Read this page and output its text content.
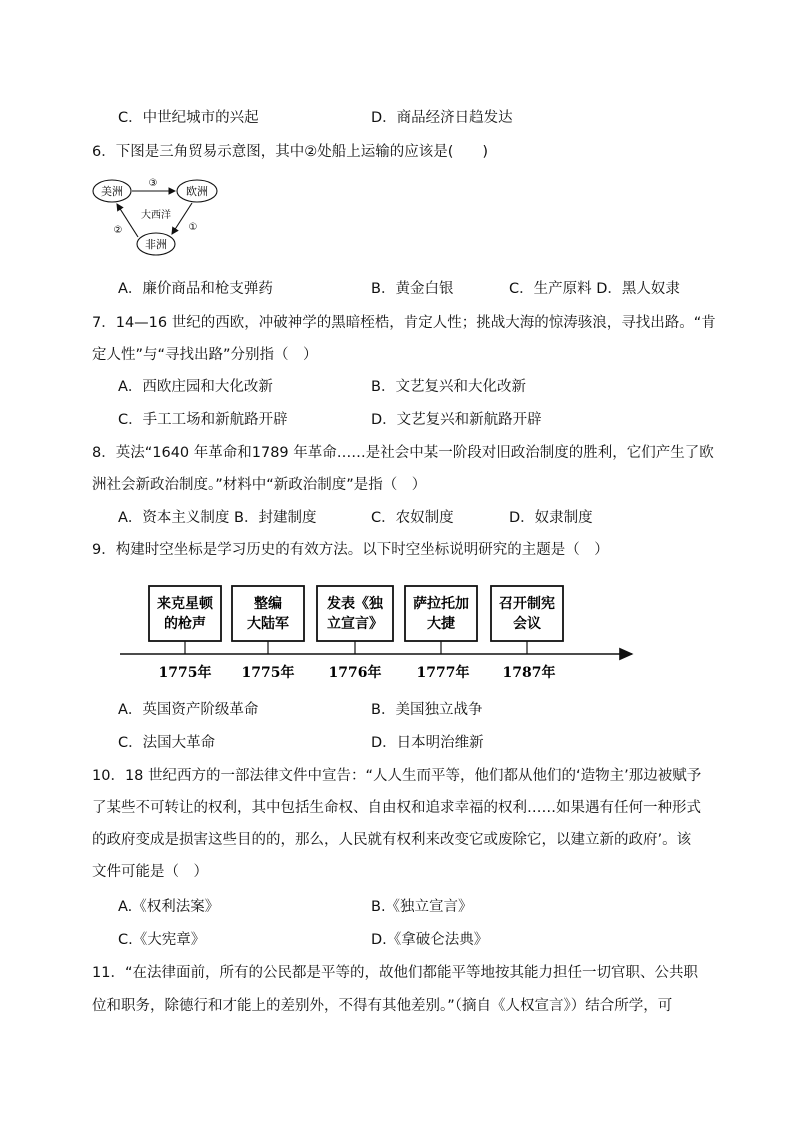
C．中世纪城市的兴起	D．商品经济日趋发达
6．下图是三角贸易示意图，其中②处船上运输的应该是(　　)
美洲	欧洲
非洲
③
①
②
大西洋
A．廉价商品和枪支弹药	B．黄金白银	C．生产原料 D．黑人奴隶
7．14—16 世纪的西欧，冲破神学的黑暗桎梏，肯定人性；挑战大海的惊涛骇浪，寻找出路。“肯
定人性”与“寻找出路”分别指（　）
A．西欧庄园和大化改新	B．文艺复兴和大化改新
C．手工工场和新航路开辟	D．文艺复兴和新航路开辟
8．英法“1640 年革命和1789 年革命……是社会中某一阶段对旧政治制度的胜利，它们产生了欧
洲社会新政治制度。”材料中“新政治制度”是指（　）
A．资本主义制度 B．封建制度	C．农奴制度	D．奴隶制度
9．构建时空坐标是学习历史的有效方法。以下时空坐标说明研究的主题是（　）
来克星顿
的枪声
1775年
整编
大陆军
1775年
发表《独
立宣言》
1776年
萨拉托加
大捷
1777年
召开制宪
会议
1787年
A．英国资产阶级革命	B．美国独立战争
C．法国大革命	D．日本明治维新
10．18 世纪西方的一部法律文件中宣告：“人人生而平等，他们都从他们的‘造物主’那边被赋予
了某些不可转让的权利，其中包括生命权、自由权和追求幸福的权利……如果遇有任何一种形式
的政府变成是损害这些目的的，那么，人民就有权利来改变它或废除它，以建立新的政府’。该
文件可能是（　）
A.《权利法案》	B.《独立宣言》
C.《大宪章》	D.《拿破仑法典》
11．“在法律面前，所有的公民都是平等的，故他们都能平等地按其能力担任一切官职、公共职
位和职务，除德行和才能上的差别外，不得有其他差别。”（摘自《人权宣言》）结合所学，可
